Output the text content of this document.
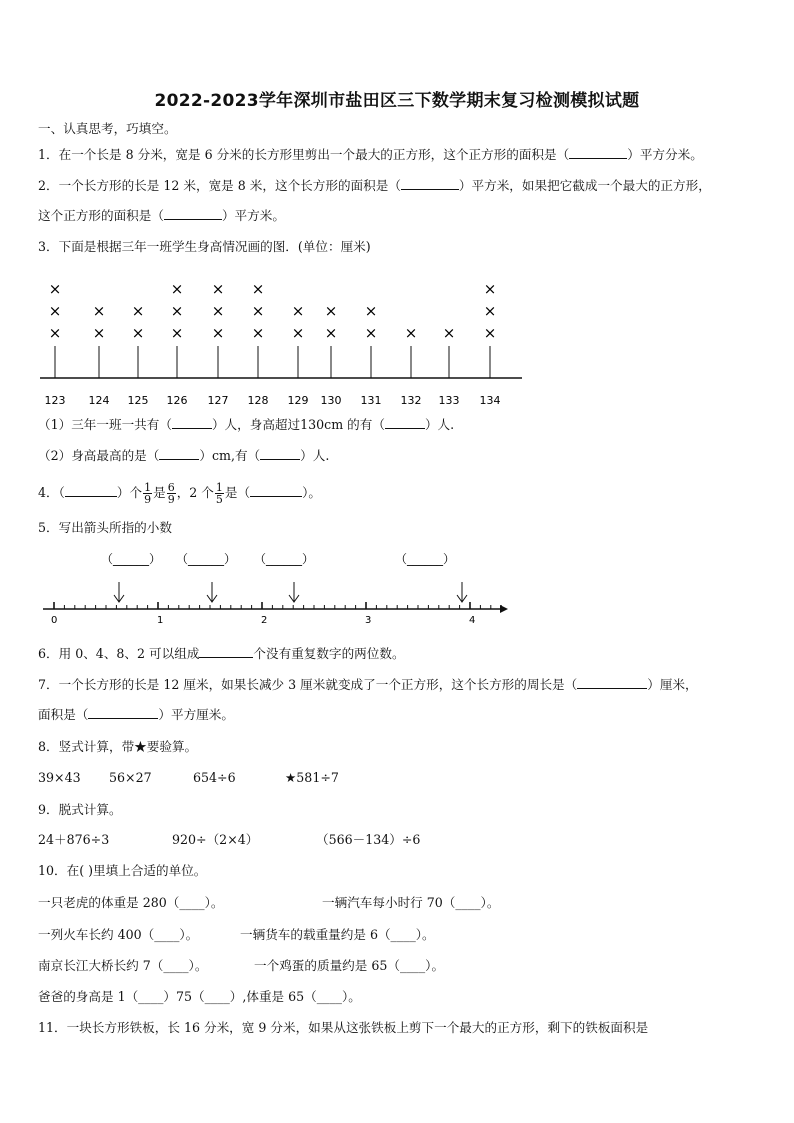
2022-2023学年深圳市盐田区三下数学期末复习检测模拟试题
一、认真思考，巧填空。
1．在一个长是 8 分米，宽是 6 分米的长方形里剪出一个最大的正方形，这个正方形的面积是（	）平方分米。
2．一个长方形的长是 12 米，宽是 8 米，这个长方形的面积是（	）平方米，如果把它截成一个最大的正方形，
这个正方形的面积是（	）平方米。
3．下面是根据三年一班学生身高情况画的图．(单位：厘米)
123
×
×
×
124
×
×
125
×
×
126
×
×
×
127
×
×
×
128
×
×
×
129
×
×
130
×
×
131
×
×
132
×
133
×
134
×
×
×
（1）三年一班一共有（	）人，身高超过130cm 的有（	）人.
（2）身高最高的是（	）cm,有（	）人.
4．（	）个 $\frac{1}{9}$ 是 $\frac{6}{9}$ ，2 个 $\frac{1}{5}$ 是（	）。
5．写出箭头所指的小数
（______） （______） （______）	（______）
0	1	2	3	4
6．用 0、4、8、2 可以组成	个没有重复数字的两位数。
7．一个长方形的长是 12 厘米，如果长减少 3 厘米就变成了一个正方形，这个长方形的周长是（	）厘米，
面积是（	）平方厘米。
8．竖式计算，带★要验算。
39×43 56×27	654÷6	★581÷7
9．脱式计算。
24＋876÷3	920÷（2×4）	（566－134）÷6
10．在( )里填上合适的单位。
一只老虎的体重是 280（____）。	一辆汽车每小时行 70（____）。
一列火车长约 400（____）。	一辆货车的载重量约是 6（____）。
南京长江大桥长约 7（____）。	一个鸡蛋的质量约是 65（____）。
爸爸的身高是 1（____）75（____）,体重是 65（____）。
11．一块长方形铁板，长 16 分米，宽 9 分米，如果从这张铁板上剪下一个最大的正方形，剩下的铁板面积是
